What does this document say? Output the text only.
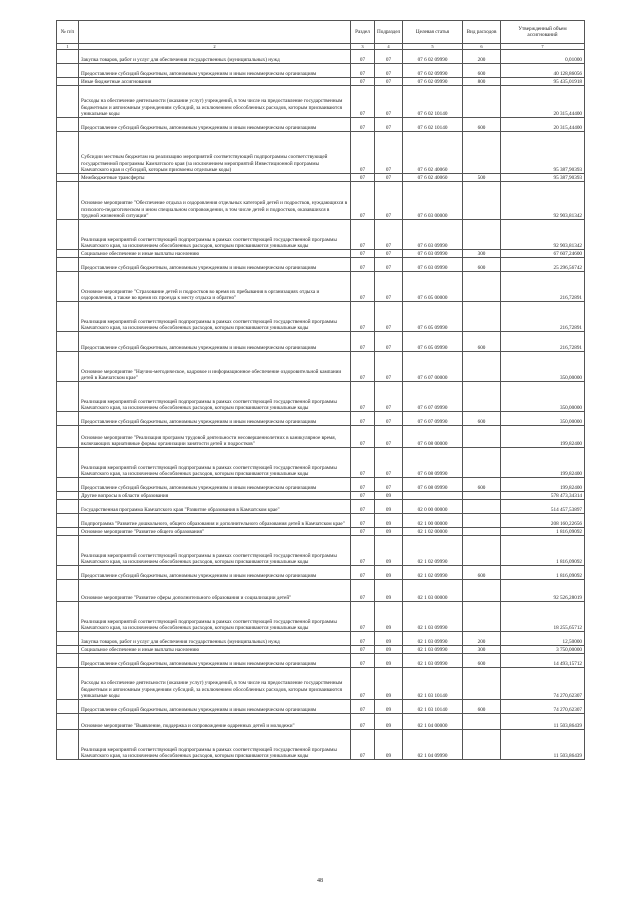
№ п/п		Раздел	Подраздел	Целевая статья	Вид расходов	Утвержденный объем ассигнований
1	2	3	4	5	6	7
	Закупка товаров, работ и услуг для обеспечения государственных (муниципальных) нужд	07	07	07 6 02 09990	200	0,01000
	Предоставление субсидий бюджетным, автономным учреждениям и иным некоммерческим организациям	07	07	07 6 02 09990	600	40 128,86056
	Иные бюджетные ассигнования	07	07	07 6 02 09990	800	95 435,01918
	Расходы на обеспечение деятельности (оказание услуг) учреждений, в том числе на предоставление государственным бюджетным и автономным учреждениям субсидий, за исключением обособленных расходов, которым присваиваются уникальные коды	07	07	07 6 02 10140		20 315,44400
	Предоставление субсидий бюджетным, автономным учреждениям и иным некоммерческим организациям	07	07	07 6 02 10140	600	20 315,44400
	Субсидии местным бюджетам на реализацию мероприятий соответствующей подпрограммы соответствующей государственной программы Камчатского края (за исключением мероприятий Инвестиционной программы Камчатского края и субсидий, которым присвоены отдельные коды)	07	07	07 6 02 40060		95 387,90393
	Межбюджетные трансферты	07	07	07 6 02 40060	500	95 387,90393
	Основное мероприятие "Обеспечение отдыха и оздоровления отдельных категорий детей и подростков, нуждающихся в психолого-педагогическом и ином специальном сопровождении, в том числе детей и подростков, оказавшихся в трудной жизненной ситуации"	07	07	07 6 03 00000		92 903,81342
	Реализация мероприятий соответствующей подпрограммы в рамках соответствующей государственной программы Камчатского края, за исключением обособленных расходов, которым присваиваются уникальные коды	07	07	07 6 03 09990		92 903,81342
	Социальное обеспечение и иные выплаты населению	07	07	07 6 03 09990	300	67 607,24600
	Предоставление субсидий бюджетным, автономным учреждениям и иным некоммерческим организациям	07	07	07 6 03 09990	600	25 296,56742
	Основное мероприятие "Страхование детей и подростков во время их пребывания в организациях отдыха и оздоровления, а также во время их проезда к месту отдыха и обратно"	07	07	07 6 05 00000		216,72891
	Реализация мероприятий соответствующей подпрограммы в рамках соответствующей государственной программы Камчатского края, за исключением обособленных расходов, которым присваиваются уникальные коды	07	07	07 6 05 09990		216,72891
	Предоставление субсидий бюджетным, автономным учреждениям и иным некоммерческим организациям	07	07	07 6 05 09990	600	216,72891
	Основное мероприятие "Научно-методическое, кадровое и информационное обеспечение оздоровительной кампании детей в Камчатском крае"	07	07	07 6 07 00000		350,00000
	Реализация мероприятий соответствующей подпрограммы в рамках соответствующей государственной программы Камчатского края, за исключением обособленных расходов, которым присваиваются уникальные коды	07	07	07 6 07 09990		350,00000
	Предоставление субсидий бюджетным, автономным учреждениям и иным некоммерческим организациям	07	07	07 6 07 09990	600	350,00000
	Основное мероприятие "Реализация программ трудовой деятельности несовершеннолетних в каникулярное время, включающих вариативные формы организации занятости детей и подростков"	07	07	07 6 08 00000		199,82400
	Реализация мероприятий соответствующей подпрограммы в рамках соответствующей государственной программы Камчатского края, за исключением обособленных расходов, которым присваиваются уникальные коды	07	07	07 6 08 09990		199,82400
	Предоставление субсидий бюджетным, автономным учреждениям и иным некоммерческим организациям	07	07	07 6 08 09990	600	199,82400
	Другие вопросы в области образования	07	09			578 473,34314
	Государственная программа Камчатского края "Развитие образования в Камчатском крае"	07	09	02 0 00 00000		514 457,53897
	Подпрограмма "Развитие дошкольного, общего образования и дополнительного образования детей в Камчатском крае"	07	09	02 1 00 00000		208 160,22656
	Основное мероприятие "Развитие общего образования"	07	09	02 1 02 00000		1 816,09092
	Реализация мероприятий соответствующей подпрограммы в рамках соответствующей государственной программы Камчатского края, за исключением обособленных расходов, которым присваиваются уникальные коды	07	09	02 1 02 09990		1 816,09092
	Предоставление субсидий бюджетным, автономным учреждениям и иным некоммерческим организациям	07	09	02 1 02 09990	600	1 816,09092
	Основное мероприятие "Развитие сферы дополнительного образования и социализации детей"	07	09	02 1 03 00000		92 526,28019
	Реализация мероприятий соответствующей подпрограммы в рамках соответствующей государственной программы Камчатского края, за исключением обособленных расходов, которым присваиваются уникальные коды	07	09	02 1 03 09990		18 255,65712
	Закупка товаров, работ и услуг для обеспечения государственных (муниципальных) нужд	07	09	02 1 03 09990	200	12,50000
	Социальное обеспечение и иные выплаты населению	07	09	02 1 03 09990	300	3 750,00000
	Предоставление субсидий бюджетным, автономным учреждениям и иным некоммерческим организациям	07	09	02 1 03 09990	600	14 493,15712
	Расходы на обеспечение деятельности (оказание услуг) учреждений, в том числе на предоставление государственным бюджетным и автономным учреждениям субсидий, за исключением обособленных расходов, которым присваиваются уникальные коды	07	09	02 1 03 10140		74 270,62307
	Предоставление субсидий бюджетным, автономным учреждениям и иным некоммерческим организациям	07	09	02 1 03 10140	600	74 270,62307
	Основное мероприятие "Выявление, поддержка и сопровождение одаренных детей и молодежи"	07	09	02 1 04 00000		11 503,86439
	Реализация мероприятий соответствующей подпрограммы в рамках соответствующей государственной программы Камчатского края, за исключением обособленных расходов, которым присваиваются уникальные коды	07	09	02 1 04 09990		11 503,86439
48
